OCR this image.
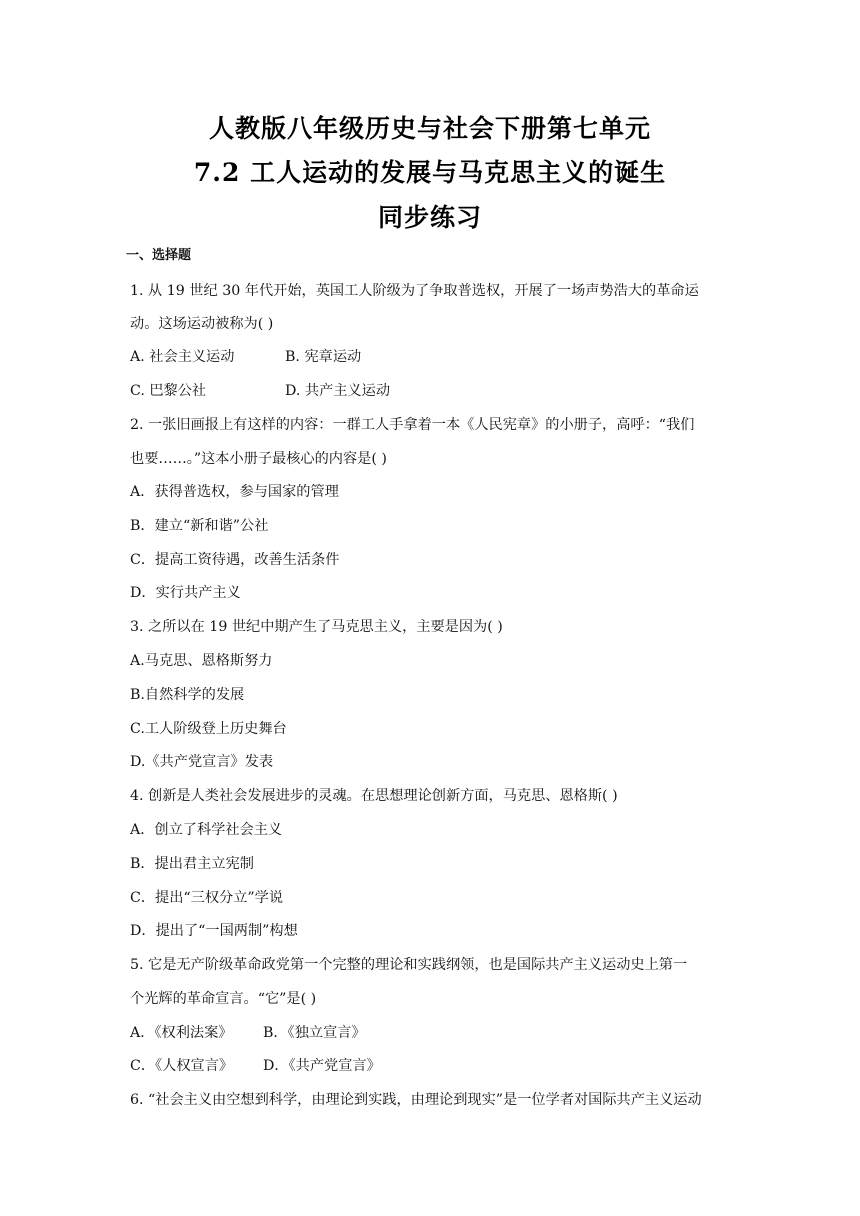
人教版八年级历史与社会下册第七单元
7.2 工人运动的发展与马克思主义的诞生
同步练习
一、选择题
1. 从 19 世纪 30 年代开始，英国工人阶级为了争取普选权，开展了一场声势浩大的革命运
动。这场运动被称为( )
A. 社会主义运动	B. 宪章运动
C. 巴黎公社	D. 共产主义运动
2. 一张旧画报上有这样的内容：一群工人手拿着一本《人民宪章》的小册子，高呼：“我们
也要……。”这本小册子最核心的内容是( )
A．获得普选权，参与国家的管理
B．建立“新和谐”公社
C．提高工资待遇，改善生活条件
D．实行共产主义
3. 之所以在 19 世纪中期产生了马克思主义，主要是因为( )
A.马克思、恩格斯努力
B.自然科学的发展
C.工人阶级登上历史舞台
D.《共产党宣言》发表
4. 创新是人类社会发展进步的灵魂。在思想理论创新方面，马克思、恩格斯( )
A．创立了科学社会主义
B．提出君主立宪制
C．提出“三权分立”学说
D．提出了“一国两制”构想
5. 它是无产阶级革命政党第一个完整的理论和实践纲领，也是国际共产主义运动史上第一
个光辉的革命宣言。“它”是( )
A．《权利法案》 B．《独立宣言》
C．《人权宣言》 D．《共产党宣言》
6. “社会主义由空想到科学，由理论到实践，由理论到现实”是一位学者对国际共产主义运动
